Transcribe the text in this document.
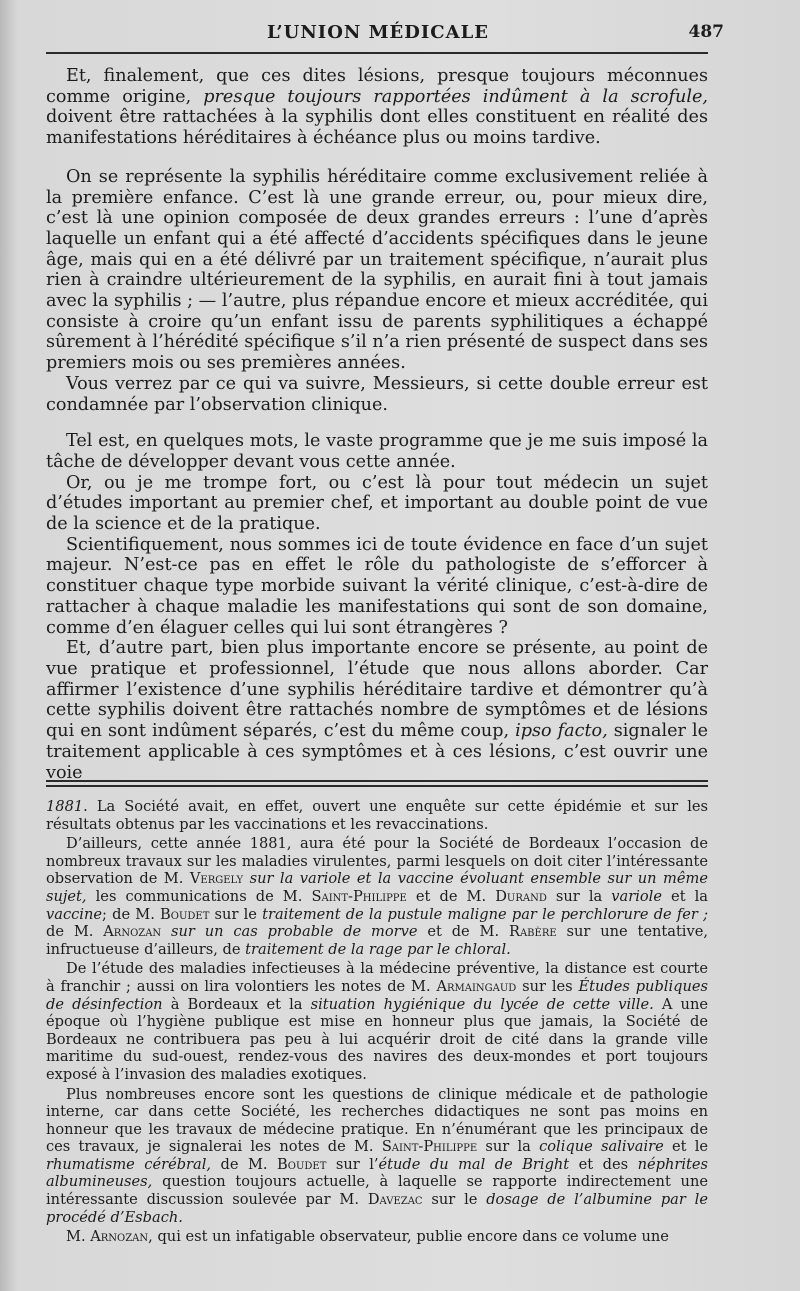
L’UNION MÉDICALE	487

Et, finalement, que ces dites lésions, presque toujours méconnues comme origine, presque toujours rapportées indûment à la scrofule, doivent être rattachées à la syphilis dont elles constituent en réalité des manifestations héréditaires à échéance plus ou moins tardive.

On se représente la syphilis héréditaire comme exclusivement reliée à la première enfance. C’est là une grande erreur, ou, pour mieux dire, c’est là une opinion composée de deux grandes erreurs : l’une d’après laquelle un enfant qui a été affecté d’accidents spécifiques dans le jeune âge, mais qui en a été délivré par un traitement spécifique, n’aurait plus rien à craindre ultérieurement de la syphilis, en aurait fini à tout jamais avec la syphilis ; — l’autre, plus répandue encore et mieux accréditée, qui consiste à croire qu’un enfant issu de parents syphilitiques a échappé sûrement à l’hérédité spécifique s’il n’a rien présenté de suspect dans ses premiers mois ou ses premières années.

Vous verrez par ce qui va suivre, Messieurs, si cette double erreur est condamnée par l’observation clinique.

Tel est, en quelques mots, le vaste programme que je me suis imposé la tâche de développer devant vous cette année.

Or, ou je me trompe fort, ou c’est là pour tout médecin un sujet d’études important au premier chef, et important au double point de vue de la science et de la pratique.

Scientifiquement, nous sommes ici de toute évidence en face d’un sujet majeur. N’est-ce pas en effet le rôle du pathologiste de s’efforcer à constituer chaque type morbide suivant la vérité clinique, c’est-à-dire de rattacher à chaque maladie les manifestations qui sont de son domaine, comme d’en élaguer celles qui lui sont étrangères ?

Et, d’autre part, bien plus importante encore se présente, au point de vue pratique et professionnel, l’étude que nous allons aborder. Car affirmer l’existence d’une syphilis héréditaire tardive et démontrer qu’à cette syphilis doivent être rattachés nombre de symptômes et de lésions qui en sont indûment séparés, c’est du même coup, ipso facto, signaler le traitement applicable à ces symptômes et à ces lésions, c’est ouvrir une voie

1881. La Société avait, en effet, ouvert une enquête sur cette épidémie et sur les résultats obtenus par les vaccinations et les revaccinations.

D’ailleurs, cette année 1881, aura été pour la Société de Bordeaux l’occasion de nombreux travaux sur les maladies virulentes, parmi lesquels on doit citer l’intéressante observation de M. Vergely sur la variole et la vaccine évoluant ensemble sur un même sujet, les communications de M. Saint-Philippe et de M. Durand sur la variole et la vaccine; de M. Boudet sur le traitement de la pustule maligne par le perchlorure de fer ; de M. Arnozan sur un cas probable de morve et de M. Rabère sur une tentative, infructueuse d’ailleurs, de traitement de la rage par le chloral.

De l’étude des maladies infectieuses à la médecine préventive, la distance est courte à franchir ; aussi on lira volontiers les notes de M. Armaingaud sur les Études publiques de désinfection à Bordeaux et la situation hygiénique du lycée de cette ville. A une époque où l’hygiène publique est mise en honneur plus que jamais, la Société de Bordeaux ne contribuera pas peu à lui acquérir droit de cité dans la grande ville maritime du sud-ouest, rendez-vous des navires des deux-mondes et port toujours exposé à l’invasion des maladies exotiques.

Plus nombreuses encore sont les questions de clinique médicale et de pathologie interne, car dans cette Société, les recherches didactiques ne sont pas moins en honneur que les travaux de médecine pratique. En n’énumérant que les principaux de ces travaux, je signalerai les notes de M. Saint-Philippe sur la colique salivaire et le rhumatisme cérébral, de M. Boudet sur l’étude du mal de Bright et des néphrites albumineuses, question toujours actuelle, à laquelle se rapporte indirectement une intéressante discussion soulevée par M. Davezac sur le dosage de l’albumine par le procédé d’Esbach.

M. Arnozan, qui est un infatigable observateur, publie encore dans ce volume une
